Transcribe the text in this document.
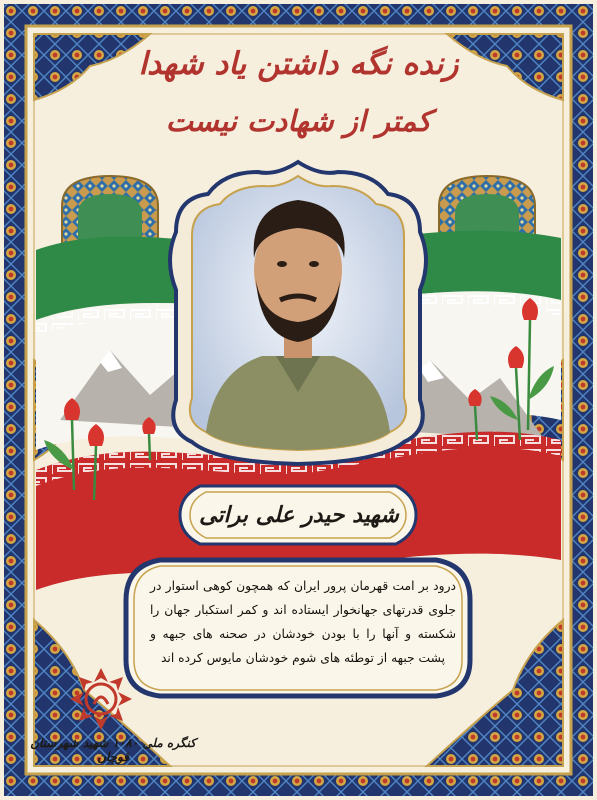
زنده نگه داشتن یاد شهدا
کمتر از شهادت نیست
شهید حیدر علی براتی
درود بر امت قهرمان پرور ایران که همچون کوهی استوار در جلوی قدرتهای جهانخوار ایستاده اند و کمر استکبار جهان را شکسته و آنها را با بودن خودشان در صحنه های جبهه و پشت جبهه از توطئه های شوم خودشان مایوس کرده اند
کنگره ملی ۱۰۸۰ شهید شهرستان قوچان
